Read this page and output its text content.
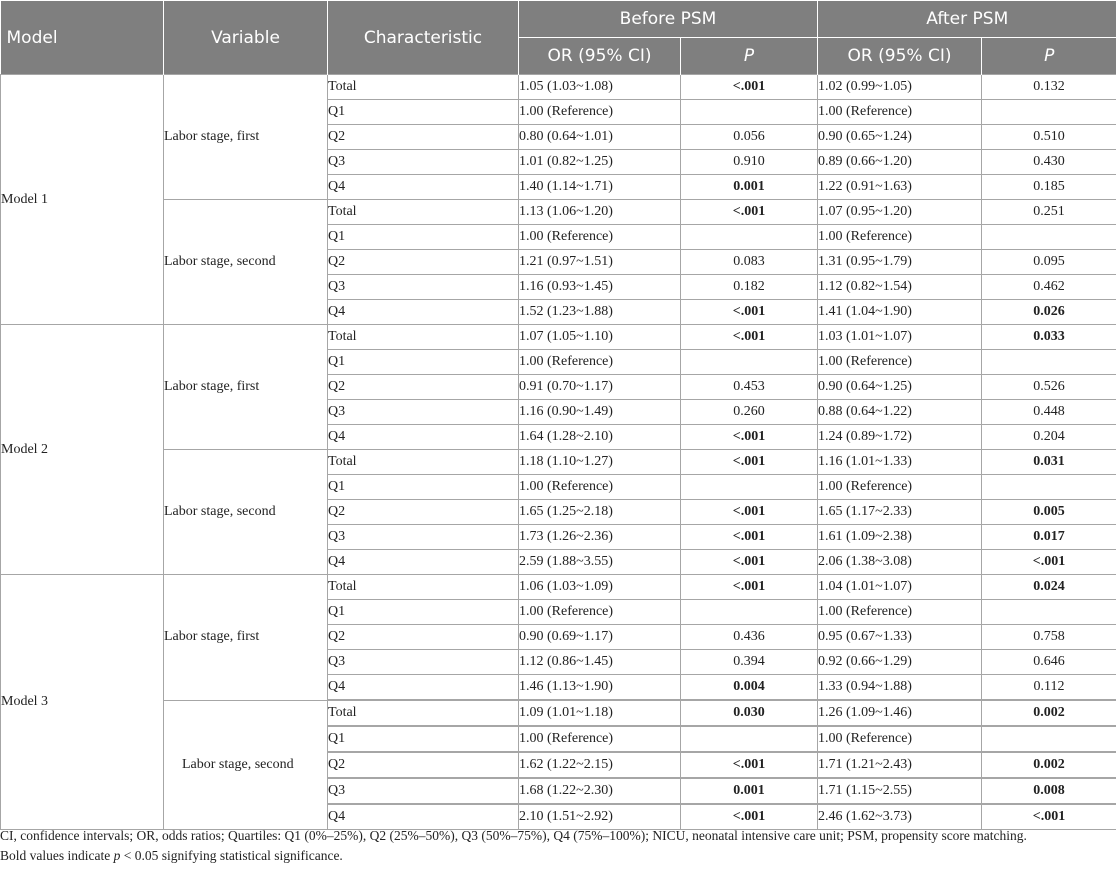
Model	Variable	Characteristic	Before PSM		After PSM	
			OR (95% CI)	P	OR (95% CI)	P
Model 1	Labor stage, first	Total	1.05 (1.03~1.08)	<.001	1.02 (0.99~1.05)	0.132
		Q1	1.00 (Reference)		1.00 (Reference)	
		Q2	0.80 (0.64~1.01)	0.056	0.90 (0.65~1.24)	0.510
		Q3	1.01 (0.82~1.25)	0.910	0.89 (0.66~1.20)	0.430
		Q4	1.40 (1.14~1.71)	0.001	1.22 (0.91~1.63)	0.185
	Labor stage, second	Total	1.13 (1.06~1.20)	<.001	1.07 (0.95~1.20)	0.251
		Q1	1.00 (Reference)		1.00 (Reference)	
		Q2	1.21 (0.97~1.51)	0.083	1.31 (0.95~1.79)	0.095
		Q3	1.16 (0.93~1.45)	0.182	1.12 (0.82~1.54)	0.462
		Q4	1.52 (1.23~1.88)	<.001	1.41 (1.04~1.90)	0.026
Model 2	Labor stage, first	Total	1.07 (1.05~1.10)	<.001	1.03 (1.01~1.07)	0.033
		Q1	1.00 (Reference)		1.00 (Reference)	
		Q2	0.91 (0.70~1.17)	0.453	0.90 (0.64~1.25)	0.526
		Q3	1.16 (0.90~1.49)	0.260	0.88 (0.64~1.22)	0.448
		Q4	1.64 (1.28~2.10)	<.001	1.24 (0.89~1.72)	0.204
	Labor stage, second	Total	1.18 (1.10~1.27)	<.001	1.16 (1.01~1.33)	0.031
		Q1	1.00 (Reference)		1.00 (Reference)	
		Q2	1.65 (1.25~2.18)	<.001	1.65 (1.17~2.33)	0.005
		Q3	1.73 (1.26~2.36)	<.001	1.61 (1.09~2.38)	0.017
		Q4	2.59 (1.88~3.55)	<.001	2.06 (1.38~3.08)	<.001
Model 3	Labor stage, first	Total	1.06 (1.03~1.09)	<.001	1.04 (1.01~1.07)	0.024
		Q1	1.00 (Reference)		1.00 (Reference)	
		Q2	0.90 (0.69~1.17)	0.436	0.95 (0.67~1.33)	0.758
		Q3	1.12 (0.86~1.45)	0.394	0.92 (0.66~1.29)	0.646
		Q4	1.46 (1.13~1.90)	0.004	1.33 (0.94~1.88)	0.112
	Labor stage, second	Total	1.09 (1.01~1.18)	0.030	1.26 (1.09~1.46)	0.002
		Q1	1.00 (Reference)		1.00 (Reference)	
		Q2	1.62 (1.22~2.15)	<.001	1.71 (1.21~2.43)	0.002
		Q3	1.68 (1.22~2.30)	0.001	1.71 (1.15~2.55)	0.008
		Q4	2.10 (1.51~2.92)	<.001	2.46 (1.62~3.73)	<.001
CI, confidence intervals; OR, odds ratios; Quartiles: Q1 (0%–25%), Q2 (25%–50%), Q3 (50%–75%), Q4 (75%–100%); NICU, neonatal intensive care unit; PSM, propensity score matching.
Bold values indicate p < 0.05 signifying statistical significance.
